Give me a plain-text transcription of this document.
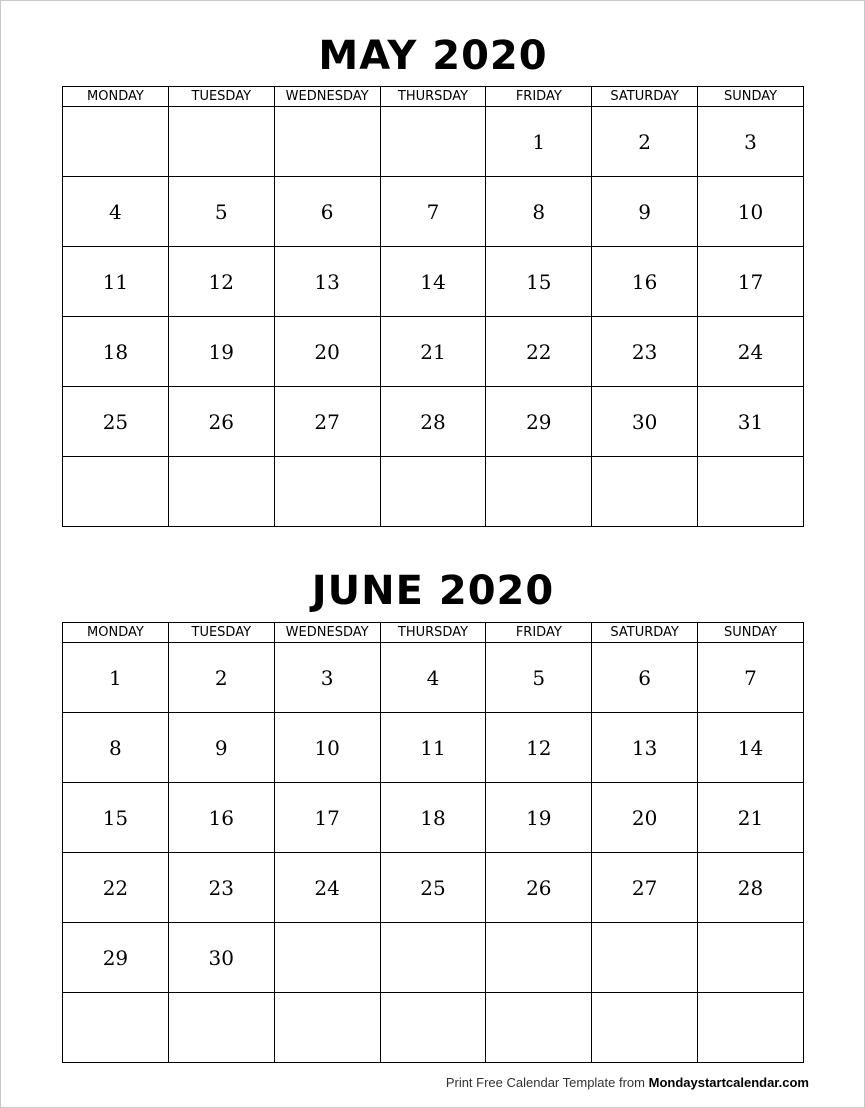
MAY 2020
MONDAY	TUESDAY	WEDNESDAY	THURSDAY	FRIDAY	SATURDAY	SUNDAY
				1	2	3
4	5	6	7	8	9	10
11	12	13	14	15	16	17
18	19	20	21	22	23	24
25	26	27	28	29	30	31

JUNE 2020
MONDAY	TUESDAY	WEDNESDAY	THURSDAY	FRIDAY	SATURDAY	SUNDAY
1	2	3	4	5	6	7
8	9	10	11	12	13	14
15	16	17	18	19	20	21
22	23	24	25	26	27	28
29	30					

Print Free Calendar Template from Mondaystartcalendar.com
